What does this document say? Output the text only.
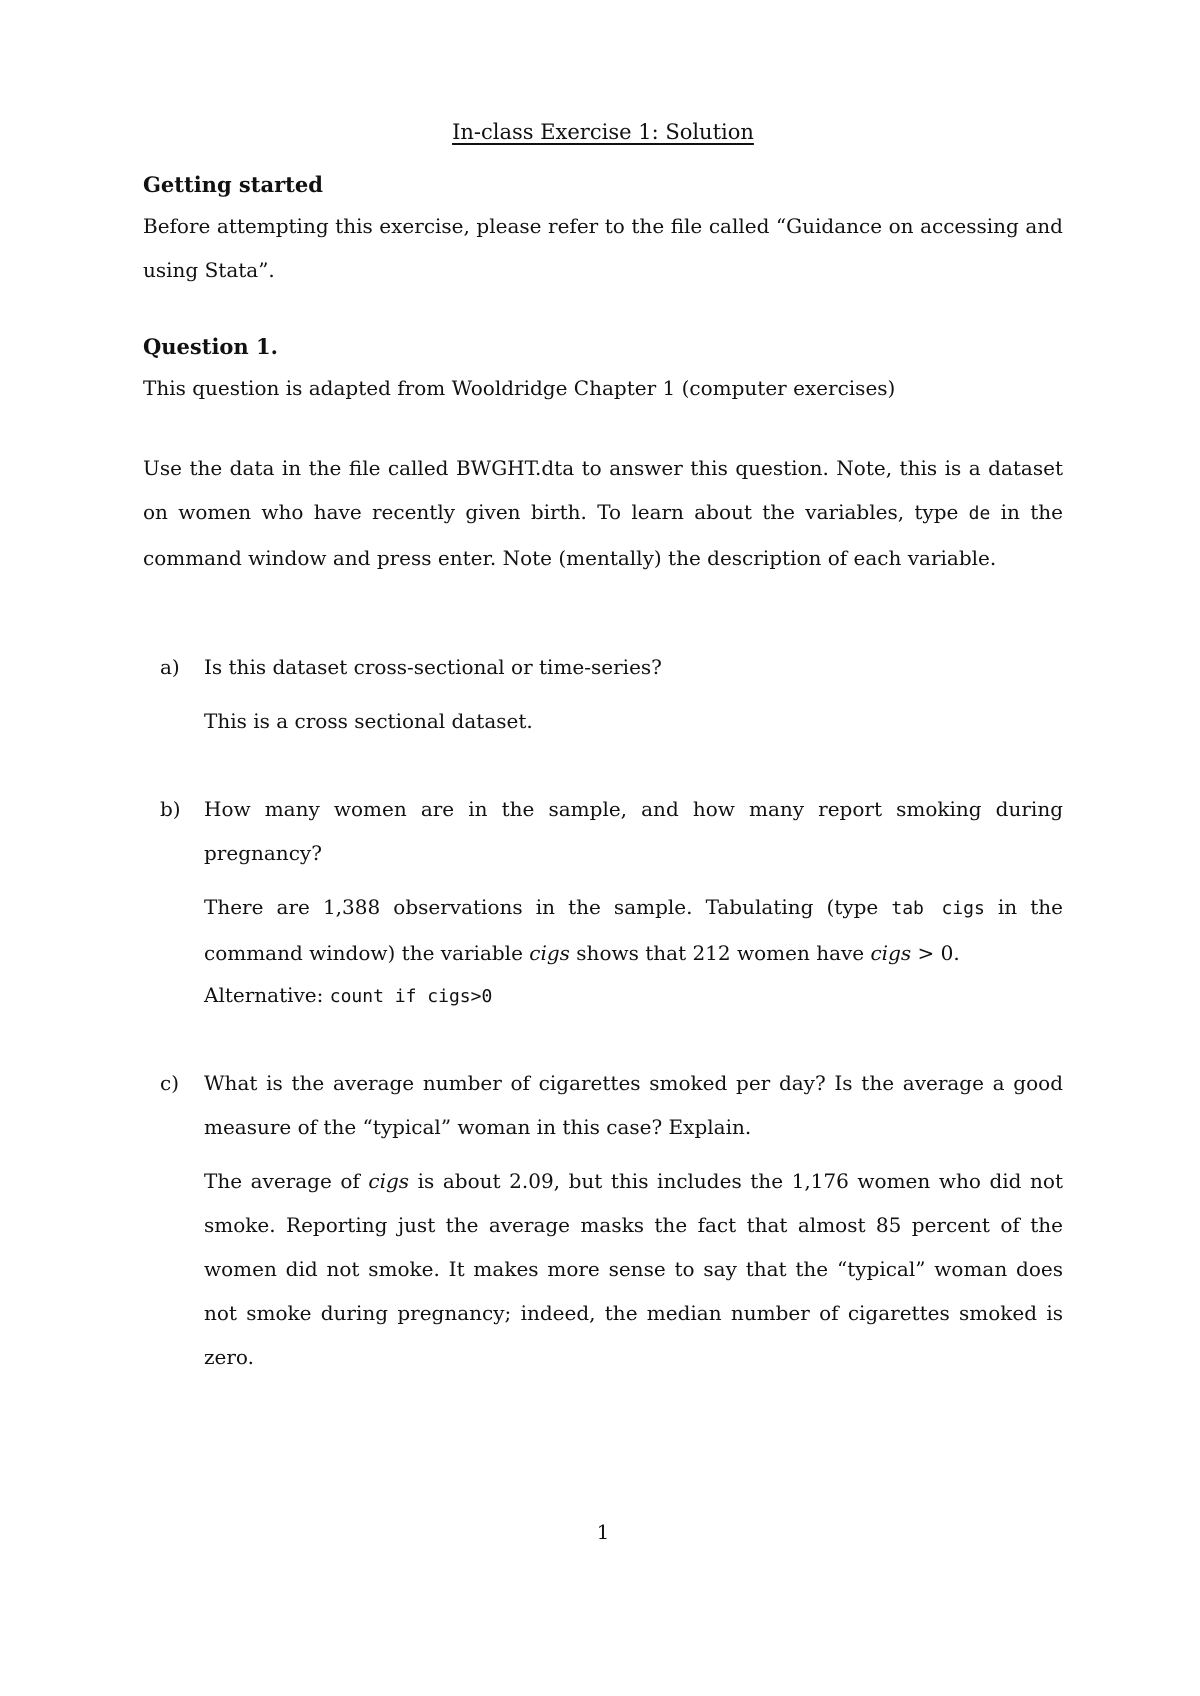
In-class Exercise 1: Solution
Getting started
Before attempting this exercise, please refer to the file called “Guidance on accessing and using Stata”.
Question 1.
This question is adapted from Wooldridge Chapter 1 (computer exercises)
Use the data in the file called BWGHT.dta to answer this question. Note, this is a dataset on women who have recently given birth. To learn about the variables, type de in the command window and press enter. Note (mentally) the description of each variable.
a) Is this dataset cross-sectional or time-series?
This is a cross sectional dataset.
b) How many women are in the sample, and how many report smoking during pregnancy?
There are 1,388 observations in the sample. Tabulating (type tab cigs in the command window) the variable cigs shows that 212 women have cigs > 0.
Alternative: count if cigs>0
c) What is the average number of cigarettes smoked per day? Is the average a good measure of the “typical” woman in this case? Explain.
The average of cigs is about 2.09, but this includes the 1,176 women who did not smoke. Reporting just the average masks the fact that almost 85 percent of the women did not smoke. It makes more sense to say that the “typical” woman does not smoke during pregnancy; indeed, the median number of cigarettes smoked is zero.
1
